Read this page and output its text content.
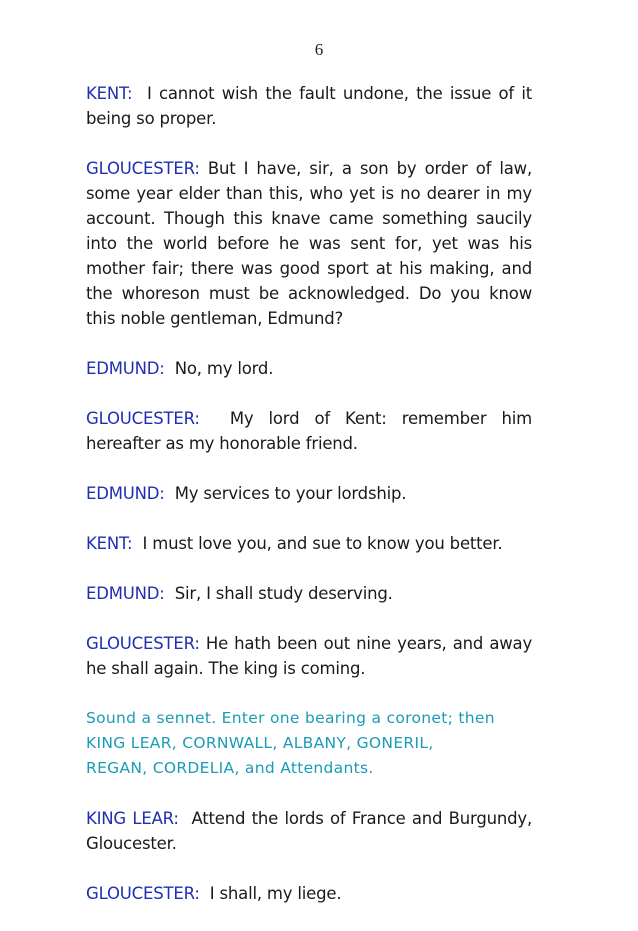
6

KENT: I cannot wish the fault undone, the issue of it being so proper.

GLOUCESTER: But I have, sir, a son by order of law, some year elder than this, who yet is no dearer in my account. Though this knave came something saucily into the world before he was sent for, yet was his mother fair; there was good sport at his making, and the whoreson must be acknowledged. Do you know this noble gentleman, Edmund?

EDMUND: No, my lord.

GLOUCESTER: My lord of Kent: remember him hereafter as my honorable friend.

EDMUND: My services to your lordship.

KENT: I must love you, and sue to know you better.

EDMUND: Sir, I shall study deserving.

GLOUCESTER: He hath been out nine years, and away he shall again. The king is coming.

Sound a sennet. Enter one bearing a coronet; then
KING LEAR, CORNWALL, ALBANY, GONERIL,
REGAN, CORDELIA, and Attendants.

KING LEAR: Attend the lords of France and Burgundy, Gloucester.

GLOUCESTER: I shall, my liege.
